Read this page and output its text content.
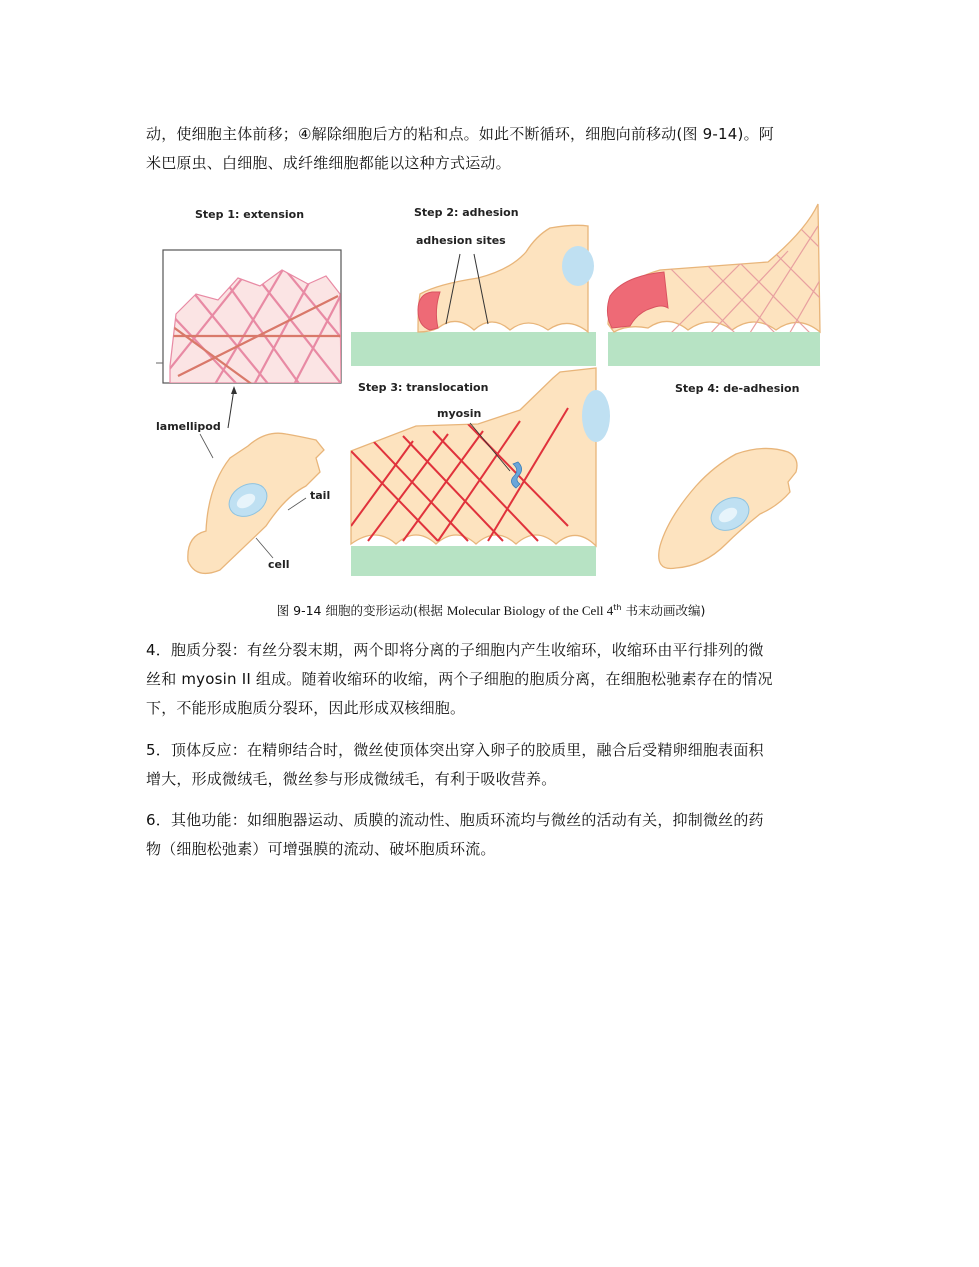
动，使细胞主体前移；④解除细胞后方的粘和点。如此不断循环，细胞向前移动(图 9-14)。阿
米巴原虫、白细胞、成纤维细胞都能以这种方式运动。
Step 1: extension
lamellipod
tail
cell
Step 2: adhesion
adhesion sites
Step 3: translocation
myosin
Step 4: de-adhesion
图 9-14 细胞的变形运动(根据 Molecular Biology of the Cell 4th 书末动画改编)
4．胞质分裂：有丝分裂末期，两个即将分离的子细胞内产生收缩环，收缩环由平行排列的微
丝和 myosin II 组成。随着收缩环的收缩，两个子细胞的胞质分离，在细胞松驰素存在的情况
下，不能形成胞质分裂环，因此形成双核细胞。
5．顶体反应：在精卵结合时，微丝使顶体突出穿入卵子的胶质里，融合后受精卵细胞表面积
增大，形成微绒毛，微丝参与形成微绒毛，有利于吸收营养。
6．其他功能：如细胞器运动、质膜的流动性、胞质环流均与微丝的活动有关，抑制微丝的药
物（细胞松弛素）可增强膜的流动、破坏胞质环流。
